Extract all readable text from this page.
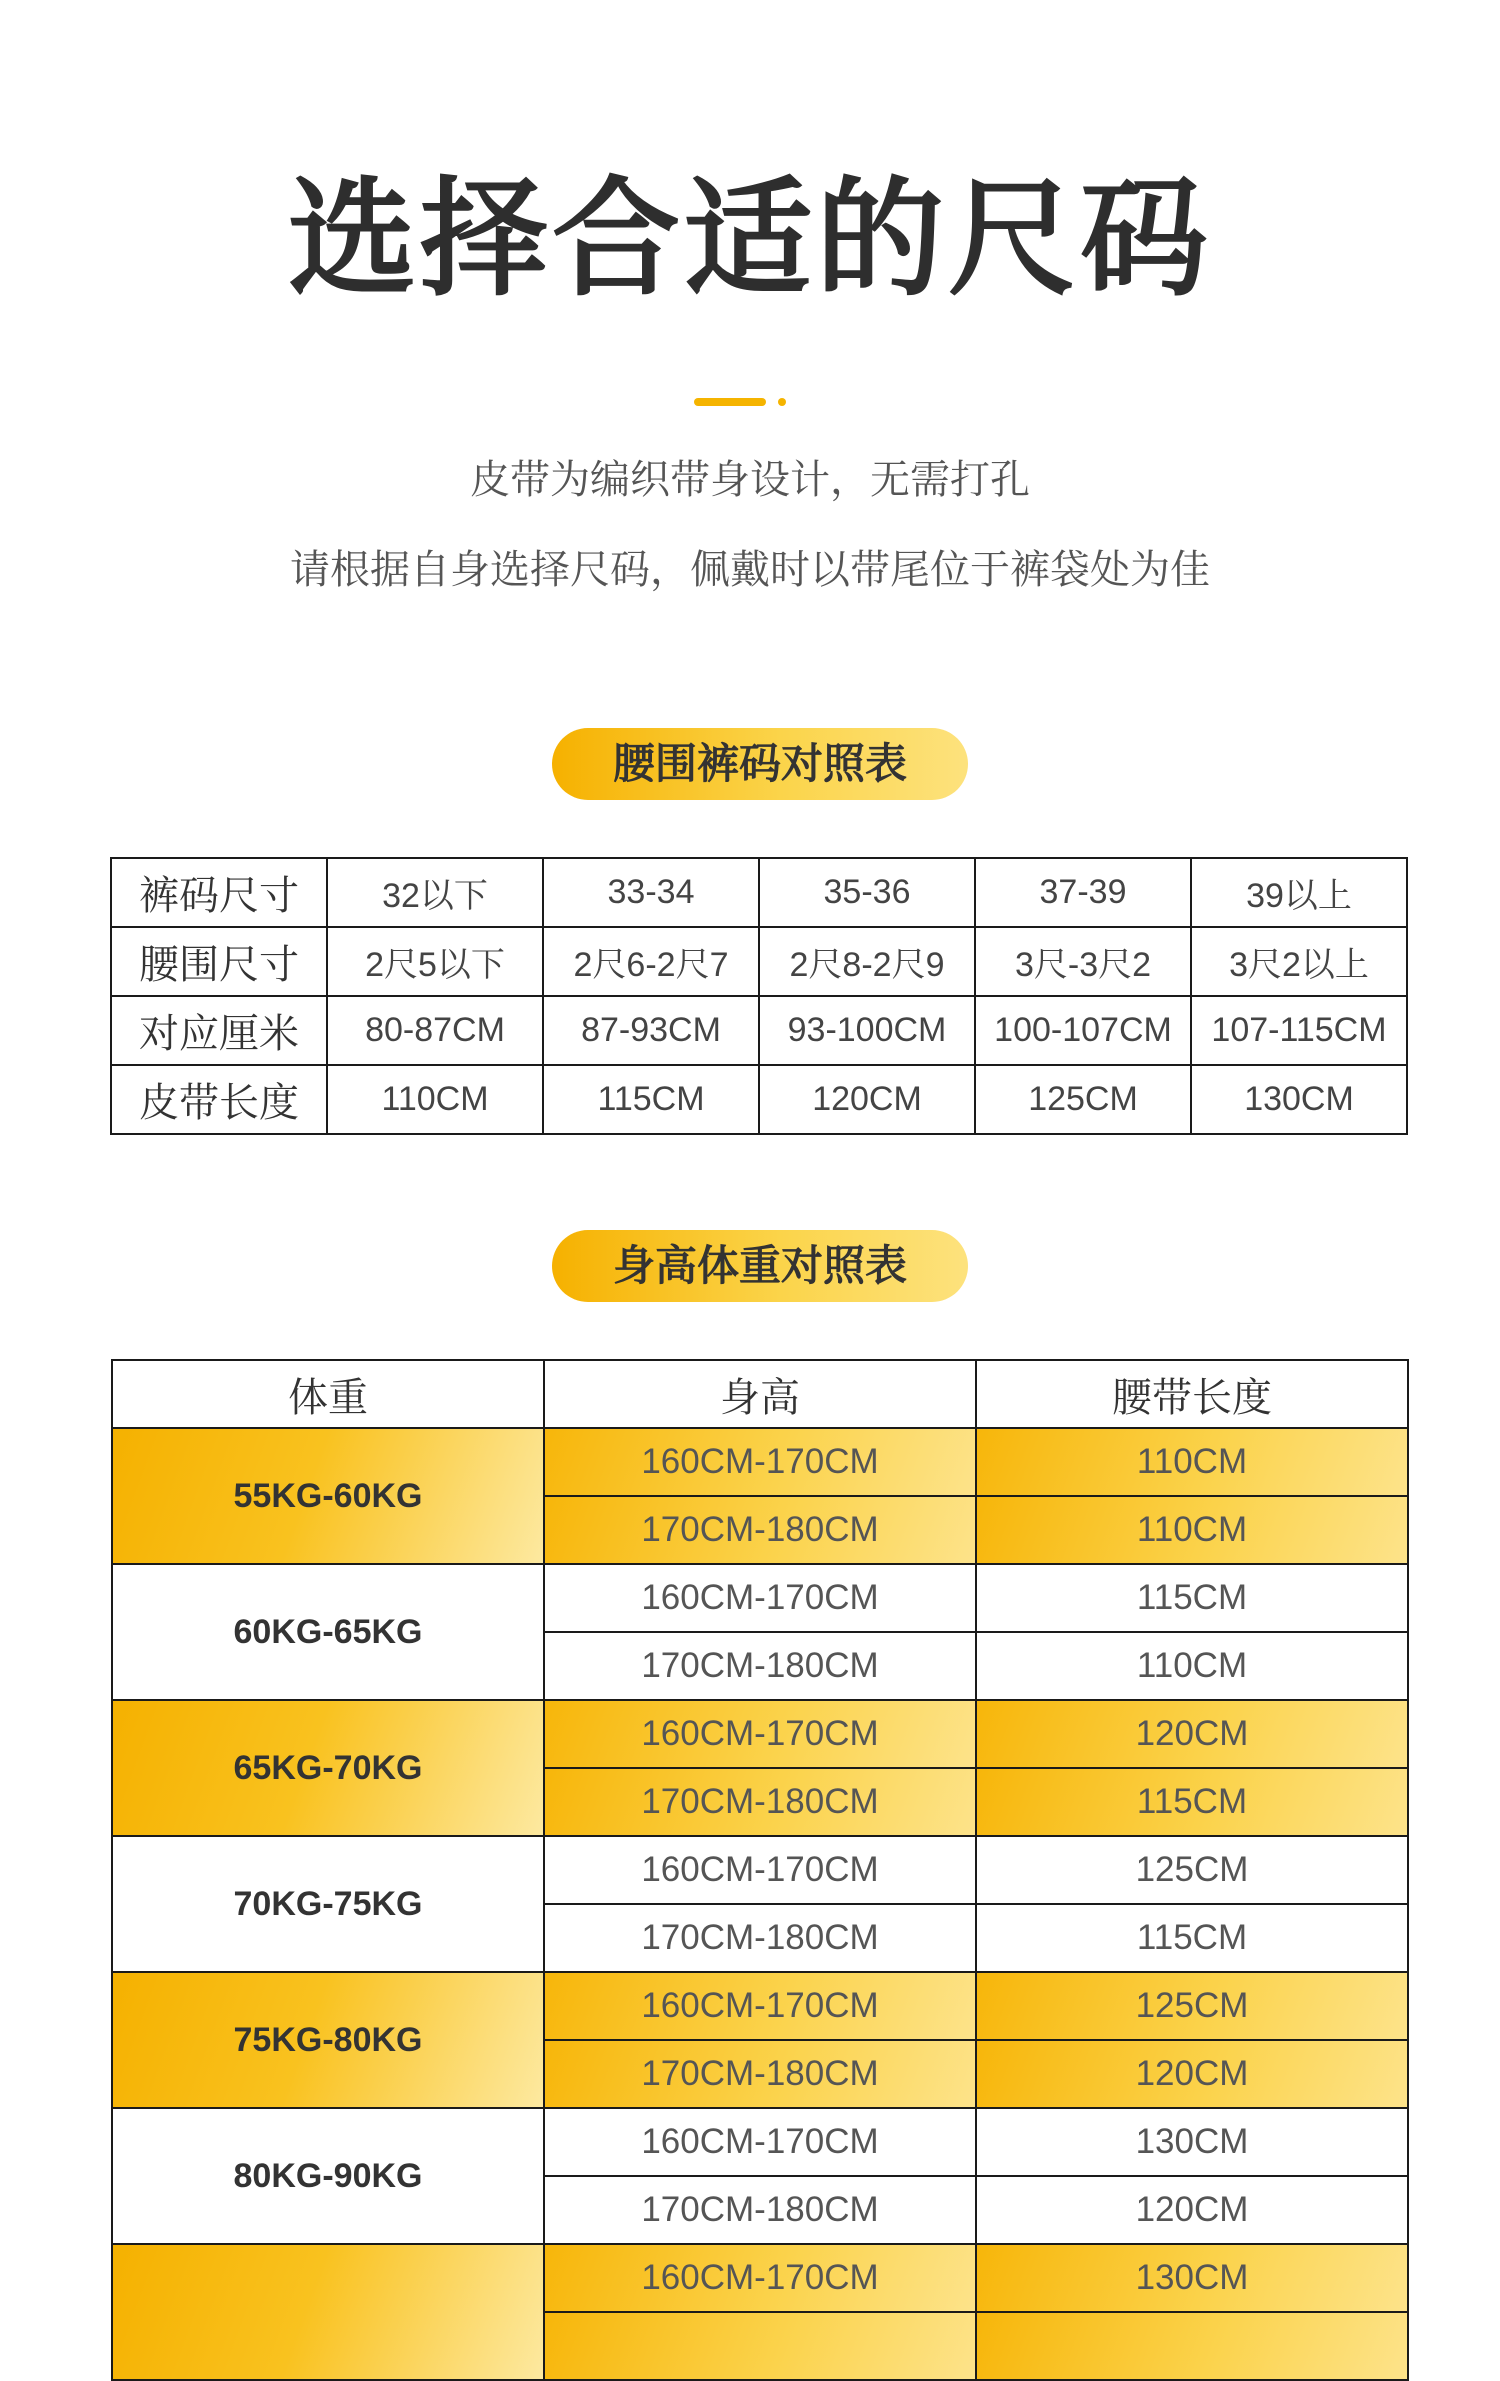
选择合适的尺码
皮带为编织带身设计，无需打孔
请根据自身选择尺码，佩戴时以带尾位于裤袋处为佳
腰围裤码对照表
裤码尺寸	32以下	33-34	35-36	37-39	39以上
腰围尺寸	2尺5以下	2尺6-2尺7	2尺8-2尺9	3尺-3尺2	3尺2以上
对应厘米	80-87CM	87-93CM	93-100CM	100-107CM	107-115CM
皮带长度	110CM	115CM	120CM	125CM	130CM
身高体重对照表
体重	身高	腰带长度
55KG-60KG	160CM-170CM	110CM
	170CM-180CM	110CM
60KG-65KG	160CM-170CM	115CM
	170CM-180CM	110CM
65KG-70KG	160CM-170CM	120CM
	170CM-180CM	115CM
70KG-75KG	160CM-170CM	125CM
	170CM-180CM	115CM
75KG-80KG	160CM-170CM	125CM
	170CM-180CM	120CM
80KG-90KG	160CM-170CM	130CM
	170CM-180CM	120CM
	160CM-170CM	130CM
